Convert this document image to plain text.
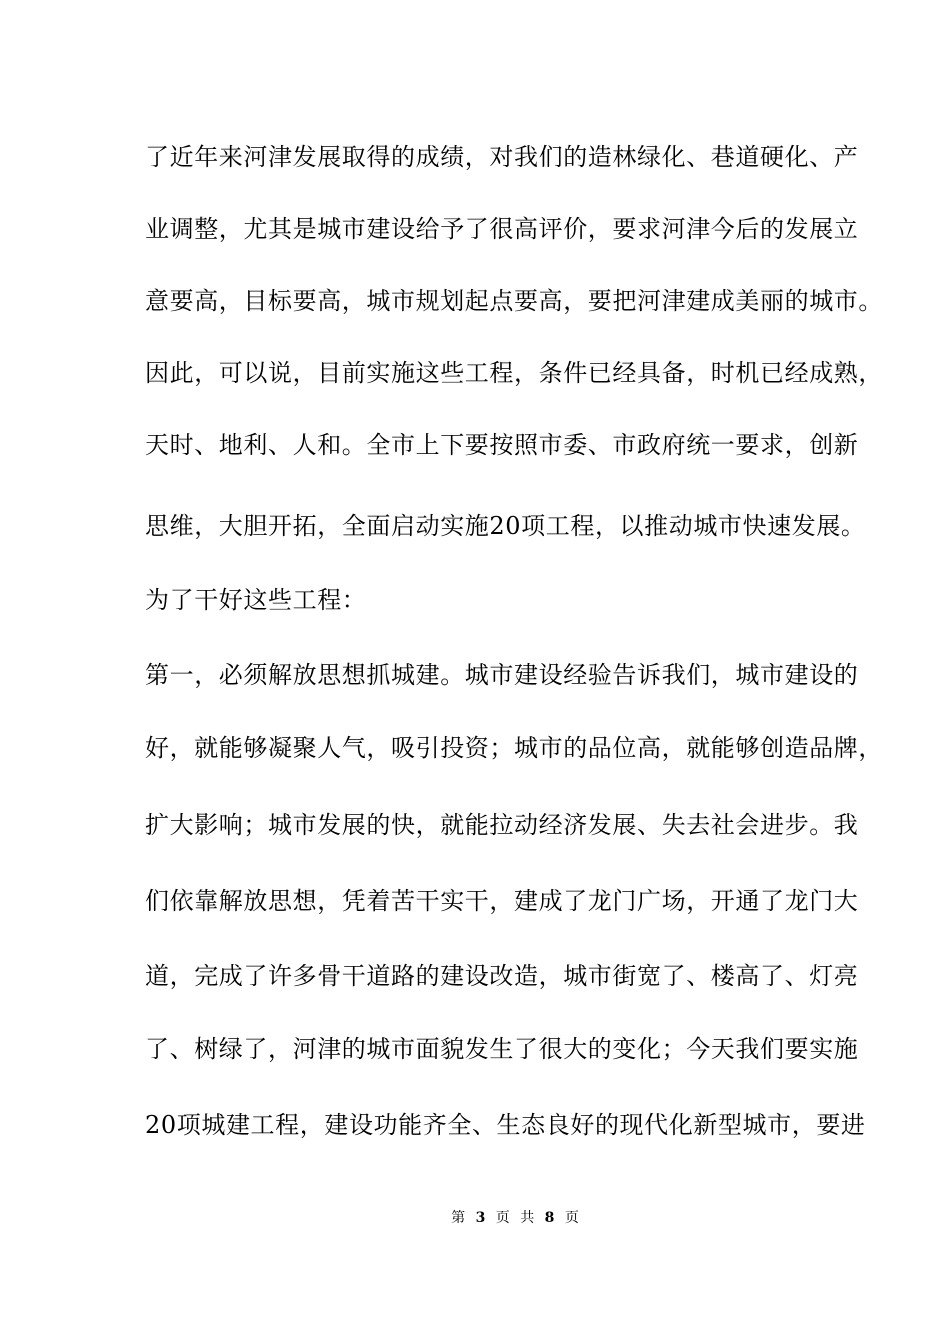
了近年来河津发展取得的成绩，对我们的造林绿化、巷道硬化、产
业调整，尤其是城市建设给予了很高评价，要求河津今后的发展立
意要高，目标要高，城市规划起点要高，要把河津建成美丽的城市。
因此，可以说，目前实施这些工程，条件已经具备，时机已经成熟，
天时、地利、人和。全市上下要按照市委、市政府统一要求，创新
思维，大胆开拓，全面启动实施20项工程，以推动城市快速发展。
为了干好这些工程：
第一，必须解放思想抓城建。城市建设经验告诉我们，城市建设的
好，就能够凝聚人气，吸引投资；城市的品位高，就能够创造品牌，
扩大影响；城市发展的快，就能拉动经济发展、失去社会进步。我
们依靠解放思想，凭着苦干实干，建成了龙门广场，开通了龙门大
道，完成了许多骨干道路的建设改造，城市街宽了、楼高了、灯亮
了、树绿了，河津的城市面貌发生了很大的变化；今天我们要实施
20项城建工程，建设功能齐全、生态良好的现代化新型城市，要进
第 3 页 共 8 页
